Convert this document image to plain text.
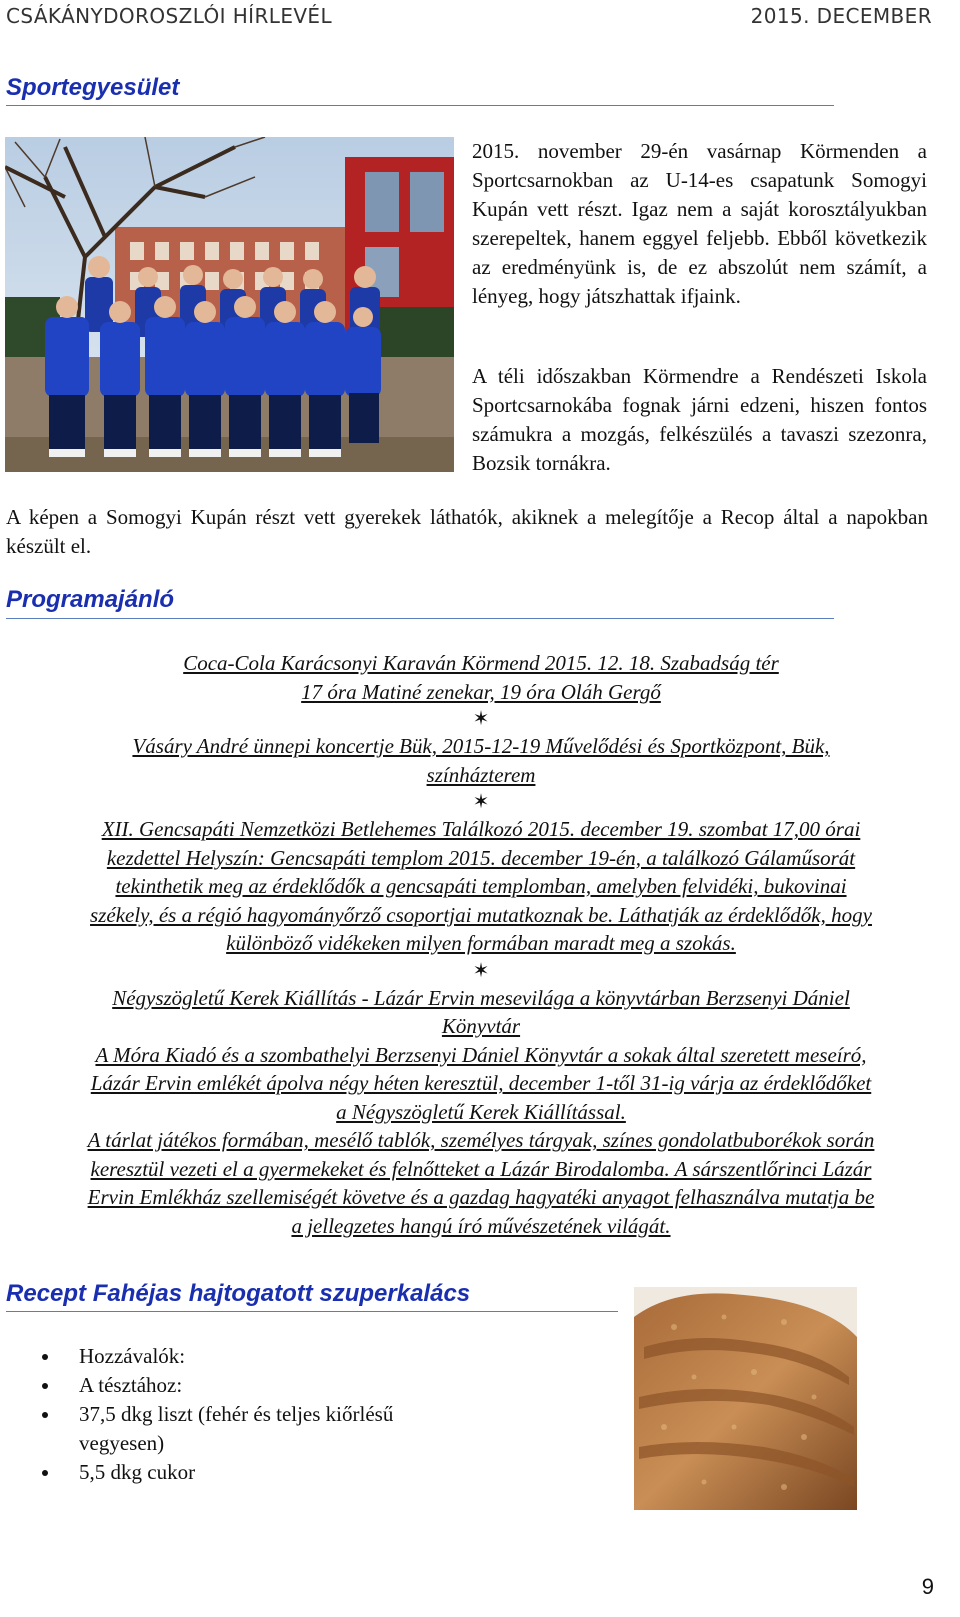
CSÁKÁNYDOROSZLÓI HÍRLEVÉL	2015. DECEMBER
Sportegyesület

2015. november 29-én vasárnap Körmenden a Sportcsarnokban az U-14-es csapatunk Somogyi Kupán vett részt. Igaz nem a saját korosztályukban szerepeltek, hanem eggyel feljebb. Ebből következik az eredményünk is, de ez abszolút nem számít, a lényeg, hogy játszhattak ifjaink.

A téli időszakban Körmendre a Rendészeti Iskola Sportcsarnokába fognak járni edzeni, hiszen fontos számukra a mozgás, felkészülés a tavaszi szezonra, Bozsik tornákra.

A képen a Somogyi Kupán részt vett gyerekek láthatók, akiknek a melegítője a Recop által a napokban készült el.

Programajánló
Coca-Cola Karácsonyi Karaván Körmend 2015. 12. 18. Szabadság tér
17 óra Matiné zenekar, 19 óra Oláh Gergő
✶
Vásáry André ünnepi koncertje Bük, 2015-12-19 Művelődési és Sportközpont, Bük,
színházterem
✶
XII. Gencsapáti Nemzetközi Betlehemes Találkozó 2015. december 19. szombat 17,00 órai
kezdettel Helyszín: Gencsapáti templom 2015. december 19-én, a találkozó Gálaműsorát
tekinthetik meg az érdeklődők a gencsapáti templomban, amelyben felvidéki, bukovinai
székely, és a régió hagyományőrző csoportjai mutatkoznak be. Láthatják az érdeklődők, hogy
különböző vidékeken milyen formában maradt meg a szokás.
✶
Négyszögletű Kerek Kiállítás - Lázár Ervin mesevilága a könyvtárban Berzsenyi Dániel
Könyvtár
A Móra Kiadó és a szombathelyi Berzsenyi Dániel Könyvtár a sokak által szeretett meseíró,
Lázár Ervin emlékét ápolva négy héten keresztül, december 1-től 31-ig várja az érdeklődőket
a Négyszögletű Kerek Kiállítással.
A tárlat játékos formában, mesélő tablók, személyes tárgyak, színes gondolatbuborékok során
keresztül vezeti el a gyermekeket és felnőtteket a Lázár Birodalomba. A sárszentlőrinci Lázár
Ervin Emlékház szellemiségét követve és a gazdag hagyatéki anyagot felhasználva mutatja be
a jellegzetes hangú író művészetének világát.
Recept Fahéjas hajtogatott szuperkalács
Hozzávalók:
A tésztához:
37,5 dkg liszt (fehér és teljes kiőrlésű vegyesen)
5,5 dkg cukor
9
